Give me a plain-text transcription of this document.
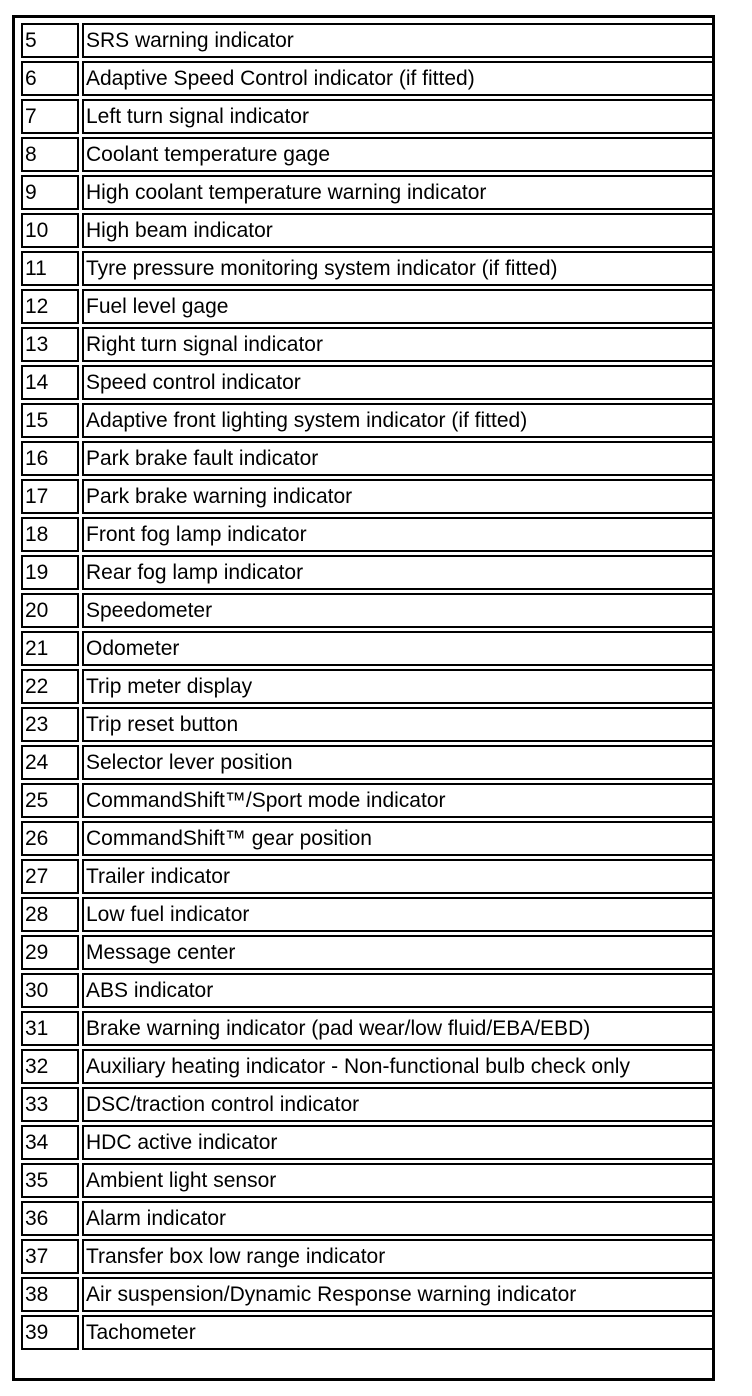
5	SRS warning indicator
6	Adaptive Speed Control indicator (if fitted)
7	Left turn signal indicator
8	Coolant temperature gage
9	High coolant temperature warning indicator
10	High beam indicator
11	Tyre pressure monitoring system indicator (if fitted)
12	Fuel level gage
13	Right turn signal indicator
14	Speed control indicator
15	Adaptive front lighting system indicator (if fitted)
16	Park brake fault indicator
17	Park brake warning indicator
18	Front fog lamp indicator
19	Rear fog lamp indicator
20	Speedometer
21	Odometer
22	Trip meter display
23	Trip reset button
24	Selector lever position
25	CommandShift™/Sport mode indicator
26	CommandShift™ gear position
27	Trailer indicator
28	Low fuel indicator
29	Message center
30	ABS indicator
31	Brake warning indicator (pad wear/low fluid/EBA/EBD)
32	Auxiliary heating indicator - Non-functional bulb check only
33	DSC/traction control indicator
34	HDC active indicator
35	Ambient light sensor
36	Alarm indicator
37	Transfer box low range indicator
38	Air suspension/Dynamic Response warning indicator
39	Tachometer
